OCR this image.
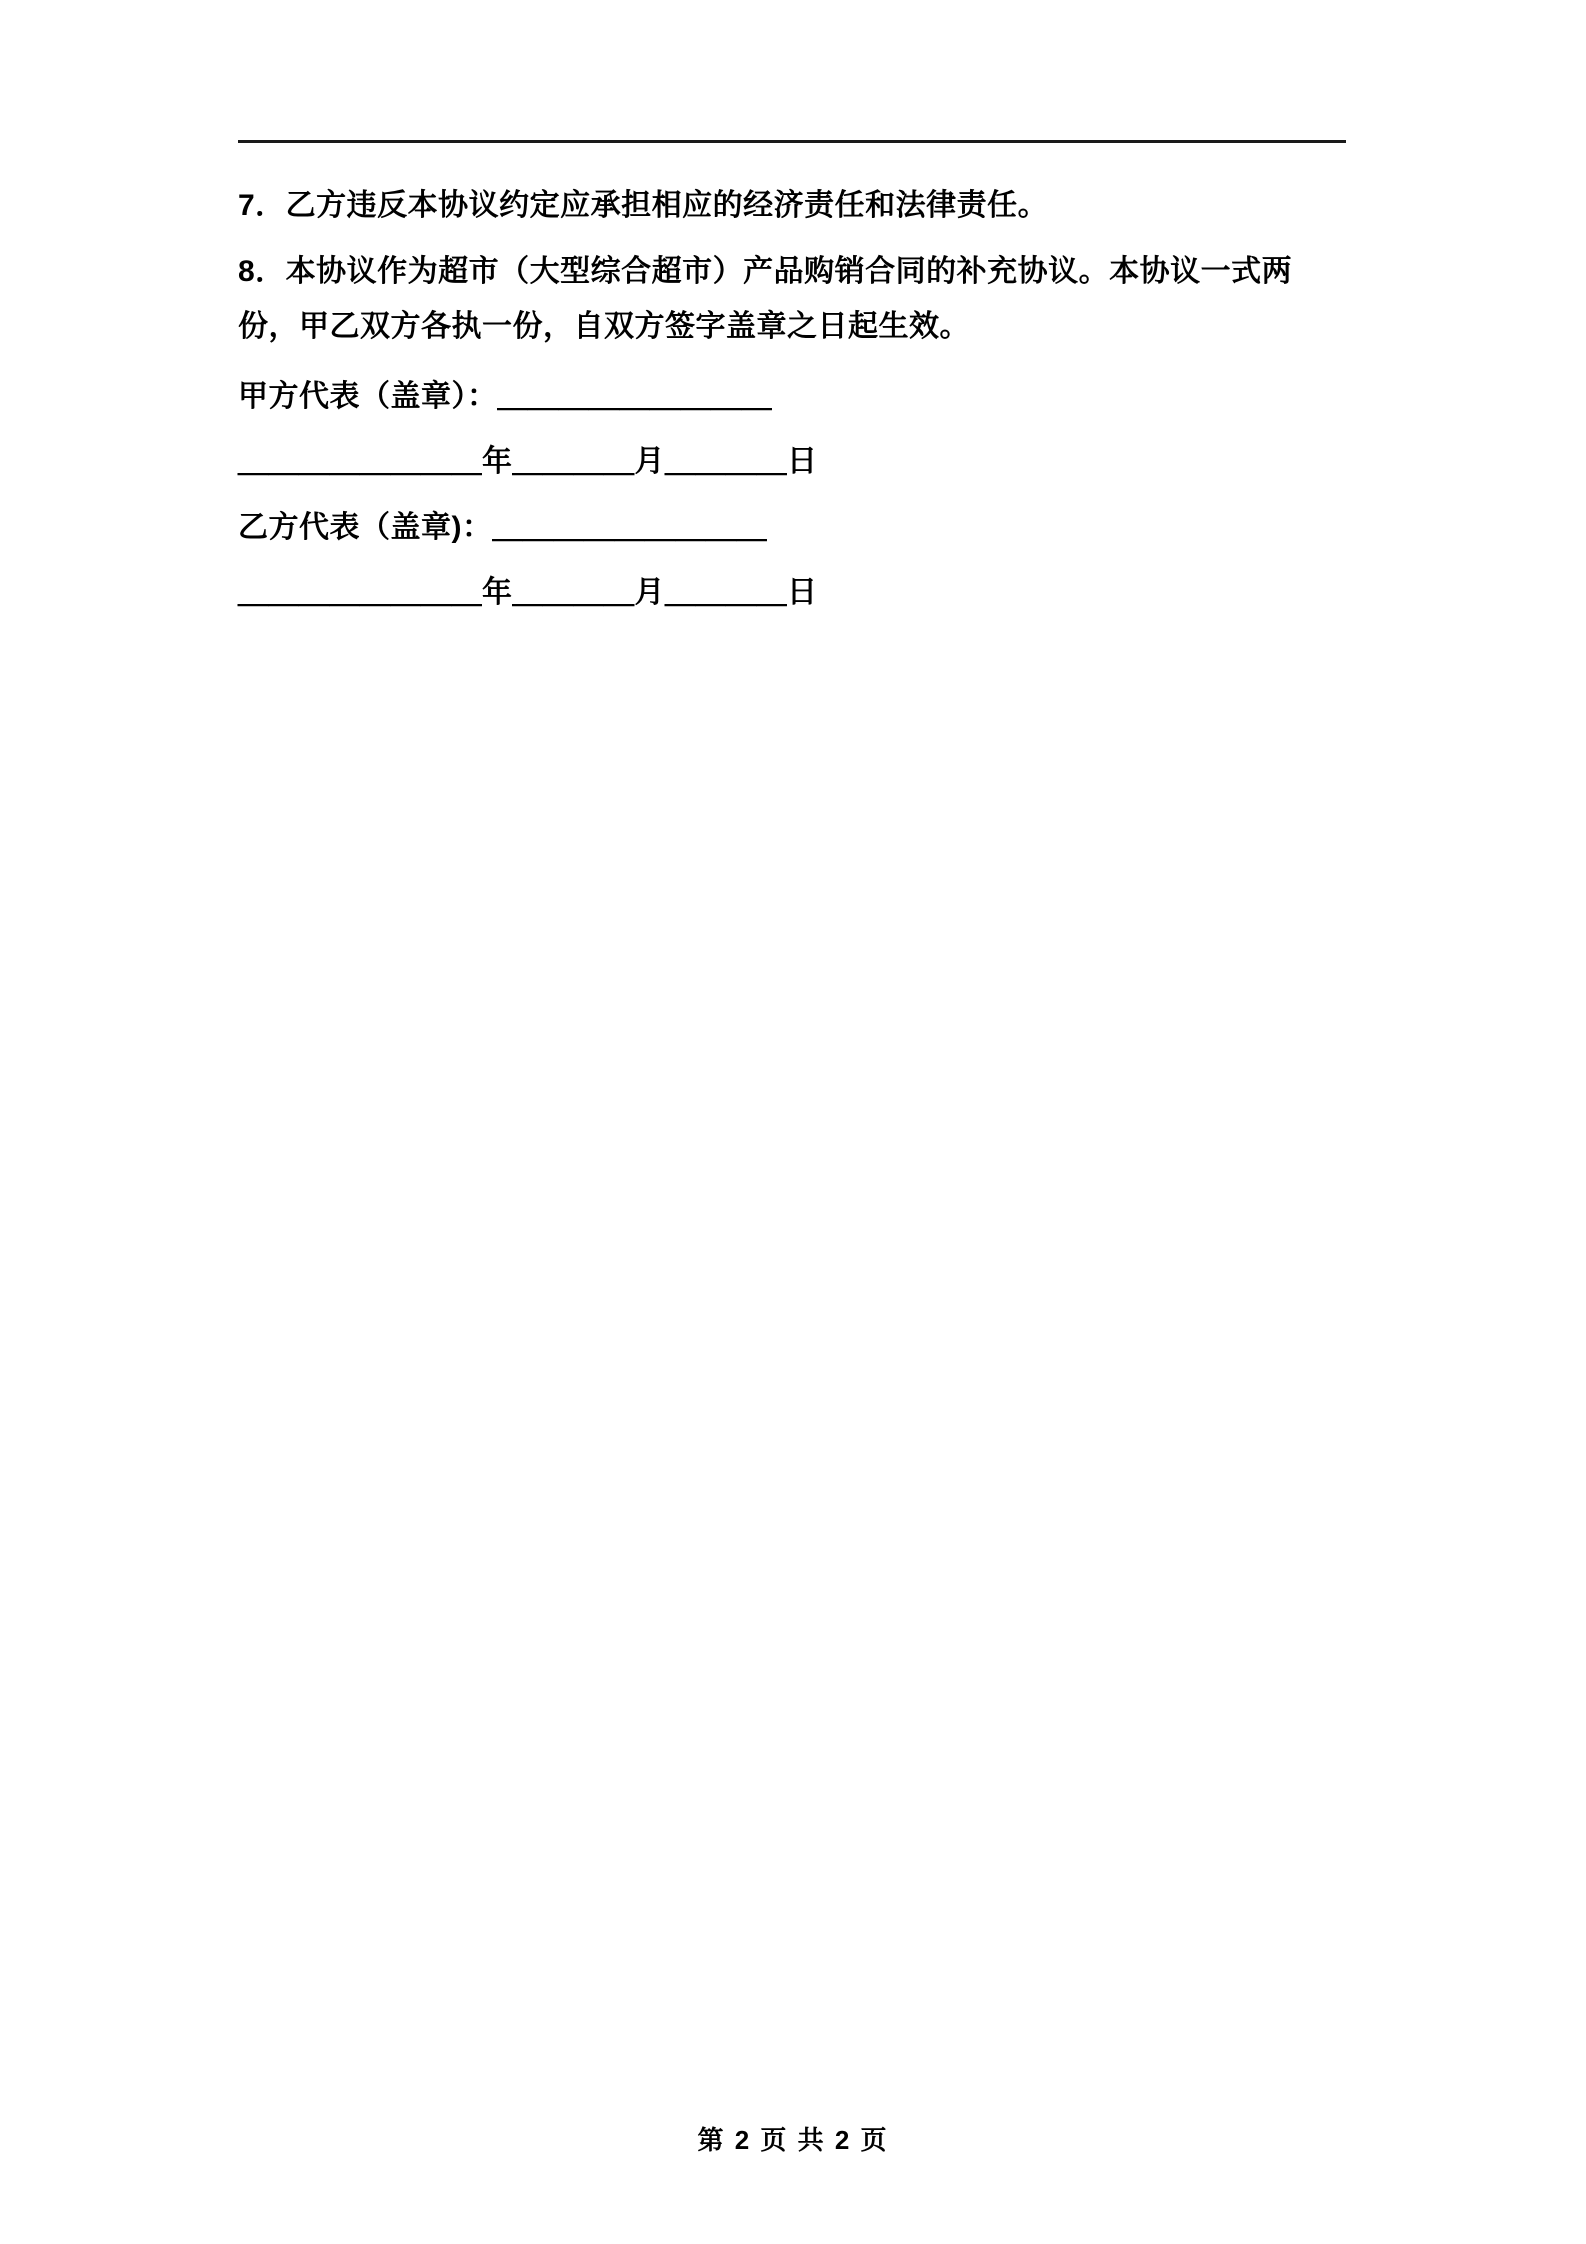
7．乙方违反本协议约定应承担相应的经济责任和法律责任。

8．本协议作为超市（大型综合超市）产品购销合同的补充协议。本协议一式两份，甲乙双方各执一份，自双方签字盖章之日起生效。

甲方代表（盖章）：＿＿＿＿＿＿＿＿＿

＿＿＿＿＿＿＿＿年＿＿＿＿月＿＿＿＿日

乙方代表（盖章)：＿＿＿＿＿＿＿＿＿

＿＿＿＿＿＿＿＿年＿＿＿＿月＿＿＿＿日

第 2 页 共 2 页
